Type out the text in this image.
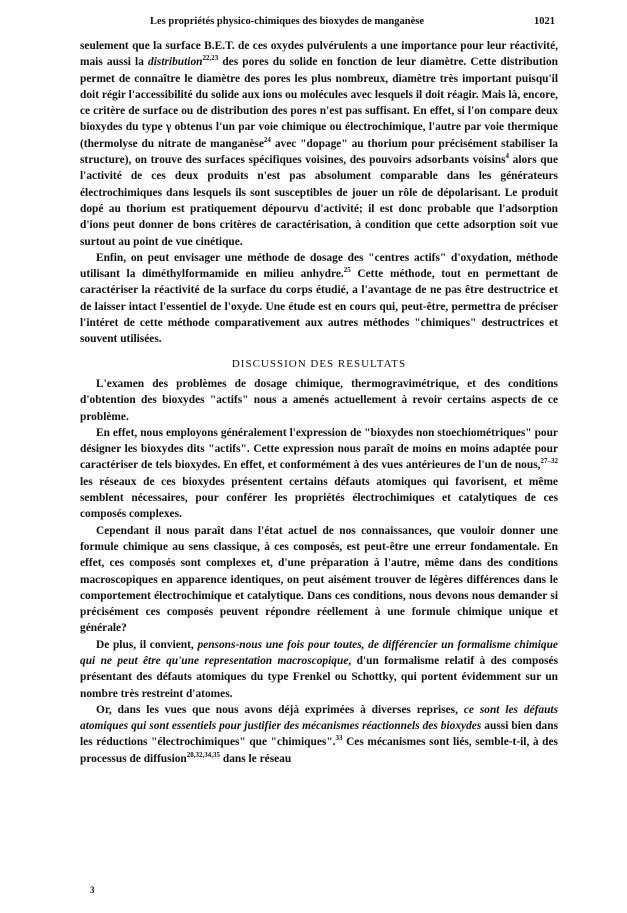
Les propriétés physico-chimiques des bioxydes de manganèse	1021

seulement que la surface B.E.T. de ces oxydes pulvérulents a une importance pour leur réactivité, mais aussi la distribution$^{22,23}$ des pores du solide en fonction de leur diamètre. Cette distribution permet de connaître le diamètre des pores les plus nombreux, diamètre très important puisqu'il doit régir l'accessibilité du solide aux ions ou molécules avec lesquels il doit réagir. Mais là, encore, ce critère de surface ou de distribution des pores n'est pas suffisant. En effet, si l'on compare deux bioxydes du type γ obtenus l'un par voie chimique ou électrochimique, l'autre par voie thermique (thermolyse du nitrate de manganèse$^{24}$ avec "dopage" au thorium pour précisément stabiliser la structure), on trouve des surfaces spécifiques voisines, des pouvoirs adsorbants voisins$^4$ alors que l'activité de ces deux produits n'est pas absolument comparable dans les générateurs électrochimiques dans lesquels ils sont susceptibles de jouer un rôle de dépolarisant. Le produit dopé au thorium est pratiquement dépourvu d'activité; il est donc probable que l'adsorption d'ions peut donner de bons critères de caractérisation, à condition que cette adsorption soit vue surtout au point de vue cinétique.

Enfin, on peut envisager une méthode de dosage des "centres actifs" d'oxydation, méthode utilisant la diméthylformamide en milieu anhydre.$^{25}$ Cette méthode, tout en permettant de caractériser la réactivité de la surface du corps étudié, a l'avantage de ne pas être destructrice et de laisser intact l'essentiel de l'oxyde. Une étude est en cours qui, peut-être, permettra de préciser l'intéret de cette méthode comparativement aux autres méthodes "chimiques" destructrices et souvent utilisées.

DISCUSSION DES RESULTATS

L'examen des problèmes de dosage chimique, thermogravimétrique, et des conditions d'obtention des bioxydes "actifs" nous a amenés actuellement à revoir certains aspects de ce problème.

En effet, nous employons généralement l'expression de "bioxydes non stoechiométriques" pour désigner les bioxydes dits "actifs". Cette expression nous paraît de moins en moins adaptée pour caractériser de tels bioxydes. En effet, et conformément à des vues antérieures de l'un de nous,$^{27-32}$ les réseaux de ces bioxydes présentent certains défauts atomiques qui favorisent, et même semblent nécessaires, pour conférer les propriétés électrochimiques et catalytiques de ces composés complexes.

Cependant il nous paraît dans l'état actuel de nos connaissances, que vouloir donner une formule chimique au sens classique, à ces composés, est peut-être une erreur fondamentale. En effet, ces composés sont complexes et, d'une préparation à l'autre, même dans des conditions macroscopiques en apparence identiques, on peut aisément trouver de légères différences dans le comportement électrochimique et catalytique. Dans ces conditions, nous devons nous demander si précisément ces composés peuvent répondre réellement à une formule chimique unique et générale?

De plus, il convient, pensons-nous une fois pour toutes, de différencier un formalisme chimique qui ne peut être qu'une representation macroscopique, d'un formalisme relatif à des composés présentant des défauts atomiques du type Frenkel ou Schottky, qui portent évidemment sur un nombre très restreint d'atomes.

Or, dans les vues que nous avons déjà exprimées à diverses reprises, ce sont les défauts atomiques qui sont essentiels pour justifier des mécanismes réactionnels des bioxydes aussi bien dans les réductions "électrochimiques" que "chimiques".$^{33}$ Ces mécanismes sont liés, semble-t-il, à des processus de diffusion$^{28,32,34,35}$ dans le réseau

3
